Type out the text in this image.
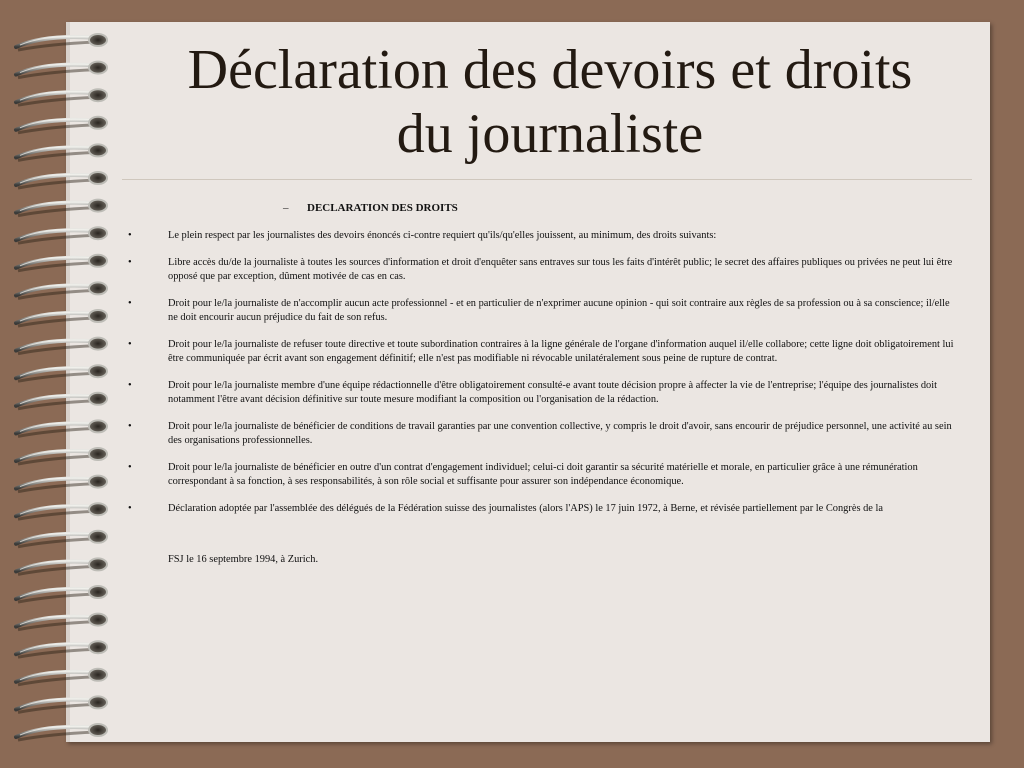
Déclaration des devoirs et droits
du journaliste
–	DECLARATION DES DROITS
•	Le plein respect par les journalistes des devoirs énoncés ci-contre requiert qu'ils/qu'elles jouissent, au minimum, des droits suivants:
•	Libre accès du/de la journaliste à toutes les sources d'information et droit d'enquêter sans entraves sur tous les faits d'intérêt public; le secret des affaires publiques ou privées ne peut lui être opposé que par exception, dûment motivée de cas en cas.
•	Droit pour le/la journaliste de n'accomplir aucun acte professionnel - et en particulier de n'exprimer aucune opinion - qui soit contraire aux règles de sa profession ou à sa conscience; il/elle ne doit encourir aucun préjudice du fait de son refus.
•	Droit pour le/la journaliste de refuser toute directive et toute subordination contraires à la ligne générale de l'organe d'information auquel il/elle collabore; cette ligne doit obligatoirement lui être communiquée par écrit avant son engagement définitif; elle n'est pas modifiable ni révocable unilatéralement sous peine de rupture de contrat.
•	Droit pour le/la journaliste membre d'une équipe rédactionnelle d'être obligatoirement consulté-e avant toute décision propre à affecter la vie de l'entreprise; l'équipe des journalistes doit notamment l'être avant décision définitive sur toute mesure modifiant la composition ou l'organisation de la rédaction.
•	Droit pour le/la journaliste de bénéficier de conditions de travail garanties par une convention collective, y compris le droit d'avoir, sans encourir de préjudice personnel, une activité au sein des organisations professionnelles.
•	Droit pour le/la journaliste de bénéficier en outre d'un contrat d'engagement individuel; celui-ci doit garantir sa sécurité matérielle et morale, en particulier grâce à une rémunération correspondant à sa fonction, à ses responsabilités, à son rôle social et suffisante pour assurer son indépendance économique.
•	Déclaration adoptée par l'assemblée des délégués de la Fédération suisse des journalistes (alors l'APS) le 17 juin 1972, à Berne, et révisée partiellement par le Congrès de la
FSJ le 16 septembre 1994, à Zurich.
